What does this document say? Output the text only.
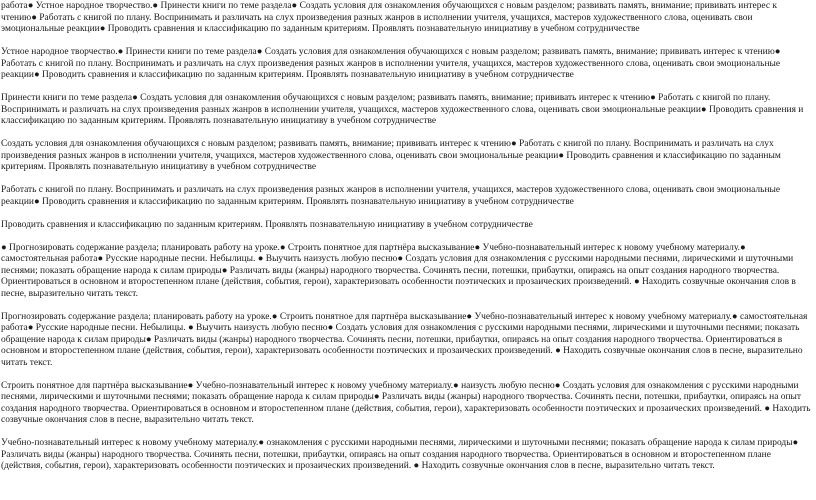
работа● Устное народное творчество.● Принести книги по теме раздела● Создать условия для ознакомления обучающихся с новым разделом; развивать память, внимание; прививать интерес к чтению● Работать с книгой по плану. Воспринимать и различать на слух произведения разных жанров в исполнении учителя, учащихся, мастеров художественного слова, оценивать свои эмоциональные реакции● Проводить сравнения и классификацию по заданным критериям. Проявлять познавательную инициативу в учебном сотрудничестве

Устное народное творчество.● Принести книги по теме раздела● Создать условия для ознакомления обучающихся с новым разделом; развивать память, внимание; прививать интерес к чтению● Работать с книгой по плану. Воспринимать и различать на слух произведения разных жанров в исполнении учителя, учащихся, мастеров художественного слова, оценивать свои эмоциональные реакции● Проводить сравнения и классификацию по заданным критериям. Проявлять познавательную инициативу в учебном сотрудничестве

Принести книги по теме раздела● Создать условия для ознакомления обучающихся с новым разделом; развивать память, внимание; прививать интерес к чтению● Работать с книгой по плану. Воспринимать и различать на слух произведения разных жанров в исполнении учителя, учащихся, мастеров художественного слова, оценивать свои эмоциональные реакции● Проводить сравнения и классификацию по заданным критериям. Проявлять познавательную инициативу в учебном сотрудничестве

Создать условия для ознакомления обучающихся с новым разделом; развивать память, внимание; прививать интерес к чтению● Работать с книгой по плану. Воспринимать и различать на слух произведения разных жанров в исполнении учителя, учащихся, мастеров художественного слова, оценивать свои эмоциональные реакции● Проводить сравнения и классификацию по заданным критериям. Проявлять познавательную инициативу в учебном сотрудничестве

Работать с книгой по плану. Воспринимать и различать на слух произведения разных жанров в исполнении учителя, учащихся, мастеров художественного слова, оценивать свои эмоциональные реакции● Проводить сравнения и классификацию по заданным критериям. Проявлять познавательную инициативу в учебном сотрудничестве

Проводить сравнения и классификацию по заданным критериям. Проявлять познавательную инициативу в учебном сотрудничестве

● Прогнозировать содержание раздела; планировать работу на уроке.● Строить понятное для партнёра высказывание● Учебно-познавательный интерес к новому учебному материалу.● самостоятельная работа● Русские народные песни. Небылицы. ● Выучить наизусть любую песню● Создать условия для ознакомления с русскими народными песнями, лирическими и шуточными песнями; показать обращение народа к силам природы● Различать виды (жанры) народного творчества. Сочинять песни, потешки, прибаутки, опираясь на опыт создания народного творчества. Ориентироваться в основном и второстепенном плане (действия, события, герои), характеризовать особенности поэтических и прозаических произведений. ● Находить созвучные окончания слов в песне, выразительно читать текст.

Прогнозировать содержание раздела; планировать работу на уроке.● Строить понятное для партнёра высказывание● Учебно-познавательный интерес к новому учебному материалу.● самостоятельная работа● Русские народные песни. Небылицы. ● Выучить наизусть любую песню● Создать условия для ознакомления с русскими народными песнями, лирическими и шуточными песнями; показать обращение народа к силам природы● Различать виды (жанры) народного творчества. Сочинять песни, потешки, прибаутки, опираясь на опыт создания народного творчества. Ориентироваться в основном и второстепенном плане (действия, события, герои), характеризовать особенности поэтических и прозаических произведений. ● Находить созвучные окончания слов в песне, выразительно читать текст.

Строить понятное для партнёра высказывание● Учебно-познавательный интерес к новому учебному материалу.● наизусть любую песню● Создать условия для ознакомления с русскими народными песнями, лирическими и шуточными песнями; показать обращение народа к силам природы● Различать виды (жанры) народного творчества. Сочинять песни, потешки, прибаутки, опираясь на опыт создания народного творчества. Ориентироваться в основном и второстепенном плане (действия, события, герои), характеризовать особенности поэтических и прозаических произведений. ● Находить созвучные окончания слов в песне, выразительно читать текст.

Учебно-познавательный интерес к новому учебному материалу.● ознакомления с русскими народными песнями, лирическими и шуточными песнями; показать обращение народа к силам природы● Различать виды (жанры) народного творчества. Сочинять песни, потешки, прибаутки, опираясь на опыт создания народного творчества. Ориентироваться в основном и второстепенном плане (действия, события, герои), характеризовать особенности поэтических и прозаических произведений. ● Находить созвучные окончания слов в песне, выразительно читать текст.
